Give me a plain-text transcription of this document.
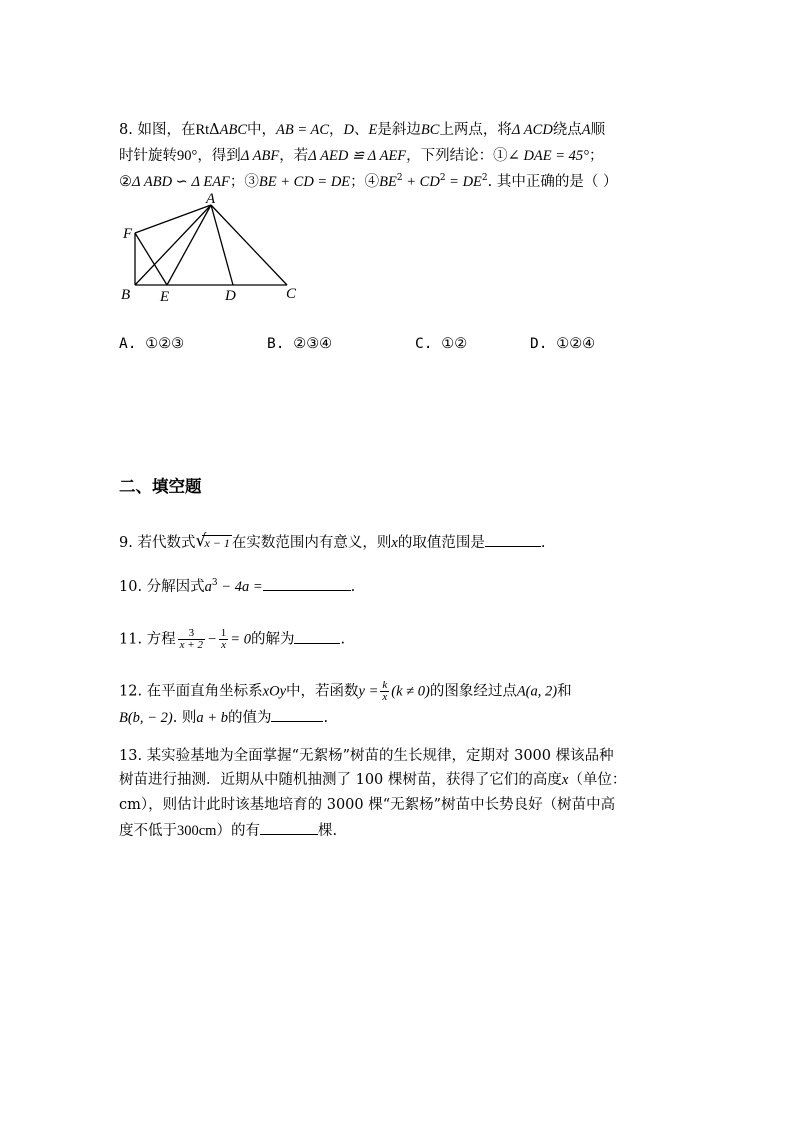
8. 如图，在RtΔABC中，AB = AC，D、E是斜边BC上两点，将Δ ACD绕点A顺
时针旋转90°，得到Δ ABF，若Δ AED ≌ Δ AEF，下列结论：①∠ DAE = 45°；
②Δ ABD ∽ Δ EAF；③BE + CD = DE；$④BE^2 + CD^2 = DE^2$. 其中正确的是（ ）
A
F
B E	D	C
A. ①②③	B. ②③④	C. ①②	D. ①②④
二、填空题
9. 若代数式 √
x − 1 在实数范围内有意义，则x的取值范围是	.
10. 分解因式$a^3 - 4a$ =	.
11. 方程 $\frac{3}{x + 2} - \frac{1}{x} = 0$的解为	.
12. 在平面直角坐标系xOy中，若函数$y = \frac{k}{x} (k \ne 0)$的图象经过点A(a, 2)和
B(b, − 2). 则a + b的值为	.
13. 某实验基地为全面掌握“无絮杨”树苗的生长规律，定期对 3000 棵该品种
树苗进行抽测．近期从中随机抽测了 100 棵树苗，获得了它们的高度x（单位：
cm），则估计此时该基地培育的 3000 棵“无絮杨”树苗中长势良好（树苗中高
度不低于300cm）的有	棵.
